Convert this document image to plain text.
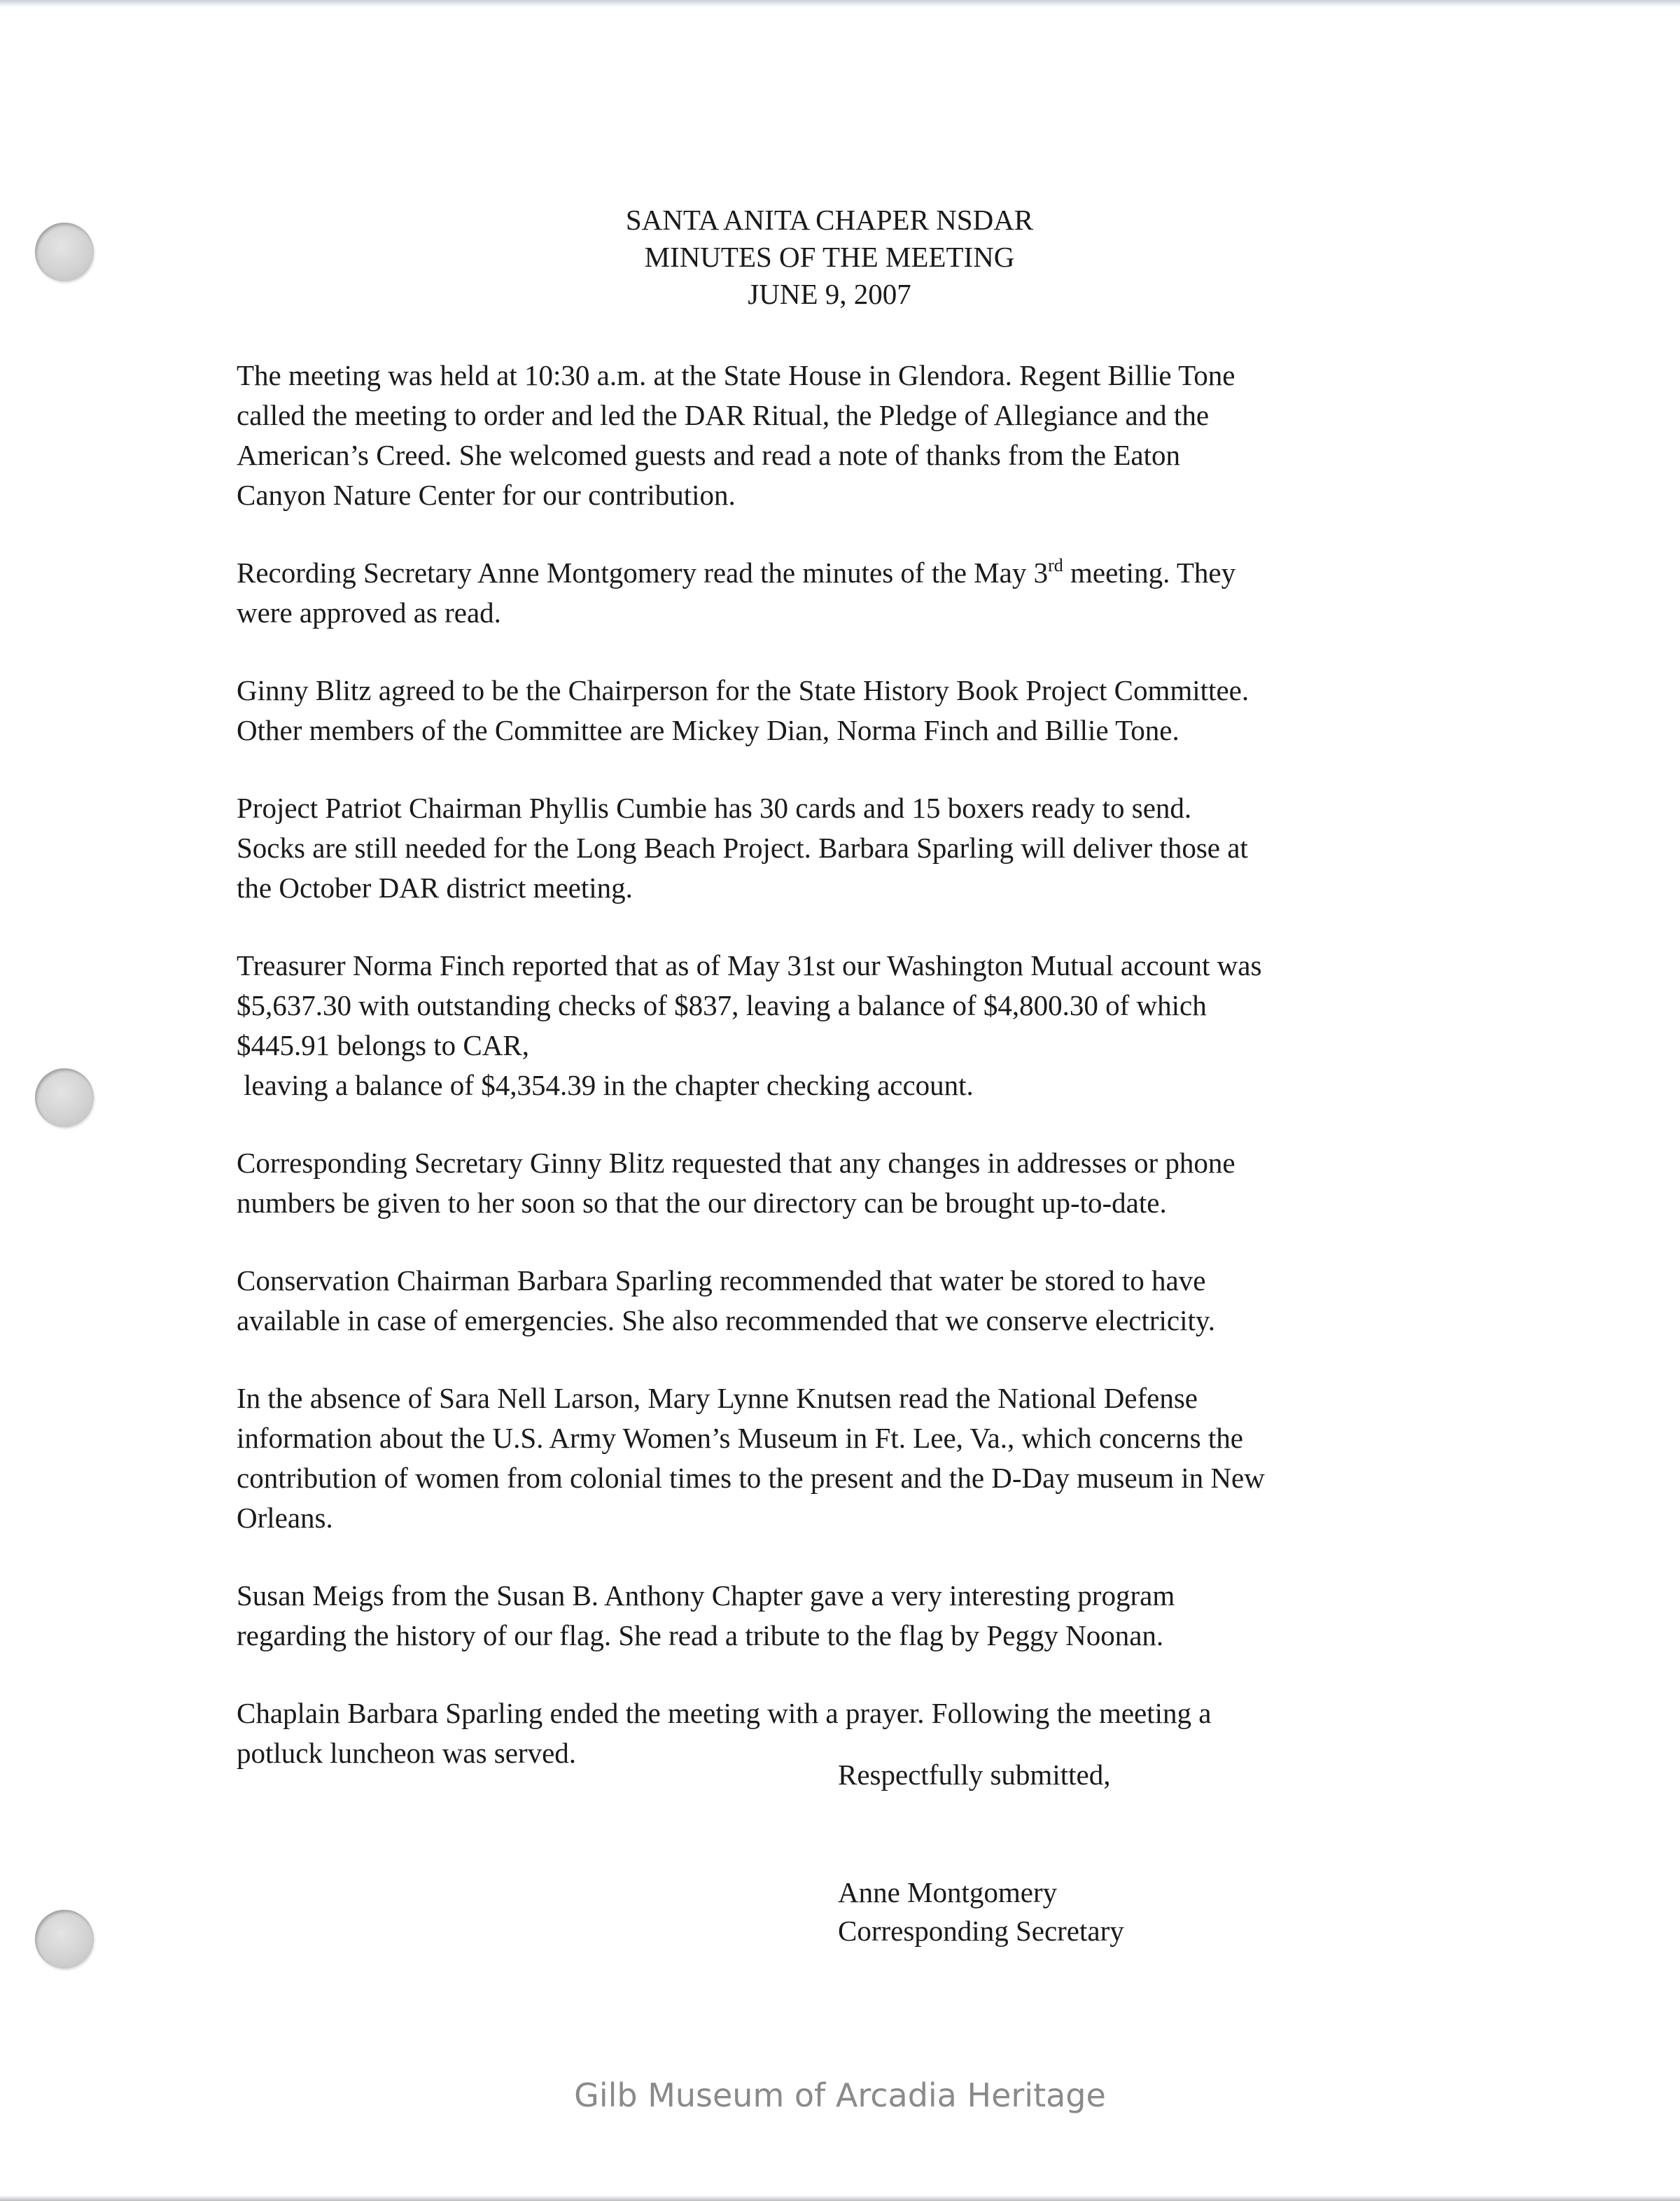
SANTA ANITA CHAPER NSDAR
MINUTES OF THE MEETING
JUNE 9, 2007

The meeting was held at 10:30 a.m. at the State House in Glendora. Regent Billie Tone
called the meeting to order and led the DAR Ritual, the Pledge of Allegiance and the
American’s Creed. She welcomed guests and read a note of thanks from the Eaton
Canyon Nature Center for our contribution.

Recording Secretary Anne Montgomery read the minutes of the May 3rd meeting. They
were approved as read.

Ginny Blitz agreed to be the Chairperson for the State History Book Project Committee.
Other members of the Committee are Mickey Dian, Norma Finch and Billie Tone.

Project Patriot Chairman Phyllis Cumbie has 30 cards and 15 boxers ready to send.
Socks are still needed for the Long Beach Project. Barbara Sparling will deliver those at
the October DAR district meeting.

Treasurer Norma Finch reported that as of May 31st our Washington Mutual account was
$5,637.30 with outstanding checks of $837, leaving a balance of $4,800.30 of which
$445.91 belongs to CAR,
leaving a balance of $4,354.39 in the chapter checking account.

Corresponding Secretary Ginny Blitz requested that any changes in addresses or phone
numbers be given to her soon so that the our directory can be brought up-to-date.

Conservation Chairman Barbara Sparling recommended that water be stored to have
available in case of emergencies. She also recommended that we conserve electricity.

In the absence of Sara Nell Larson, Mary Lynne Knutsen read the National Defense
information about the U.S. Army Women’s Museum in Ft. Lee, Va., which concerns the
contribution of women from colonial times to the present and the D-Day museum in New
Orleans.

Susan Meigs from the Susan B. Anthony Chapter gave a very interesting program
regarding the history of our flag. She read a tribute to the flag by Peggy Noonan.

Chaplain Barbara Sparling ended the meeting with a prayer. Following the meeting a
potluck luncheon was served.

Respectfully submitted,
Anne Montgomery
Corresponding Secretary
Gilb Museum of Arcadia Heritage
